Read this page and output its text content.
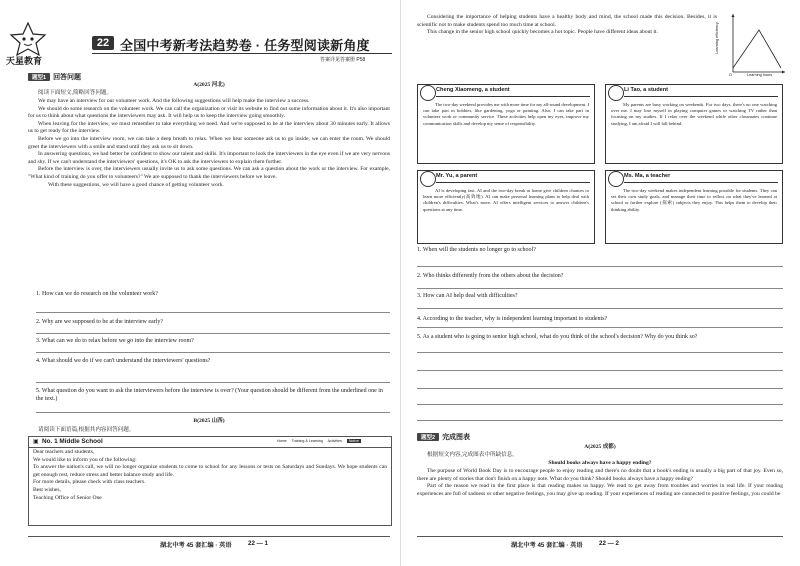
天星教育
22 全国中考新考法趋势卷 · 任务型阅读新角度
答案详见答案册 P58
题型1 回答问题
A(2025 河北)
阅读下面短文,简略回答问题。
We may have an interview for our volunteer work. And the following suggestions will help make the interview a success.
We should do some research on the volunteer work. We can call the organization or visit its website to find out some information about it. It's also important for us to think about what questions the interviewers may ask. It will help us to keep the interview going smoothly.
When leaving for the interview, we must remember to take everything we need. And we're supposed to be at the interview about 30 minutes early. It allows us to get ready for the interview.
Before we go into the interview room, we can take a deep breath to relax. When we hear someone ask us to go inside, we can enter the room. We should greet the interviewers with a smile and stand until they ask us to sit down.
In answering questions, we had better be confident to show our talent and skills. It's important to look the interviewers in the eye even if we are very nervous and shy. If we can't understand the interviewers' questions, it's OK to ask the interviewers to explain them further.
Before the interview is over, the interviewers usually invite us to ask some questions. We can ask a question about the work or the interview. For example, "What kind of training do you offer to volunteers?" We are supposed to thank the interviewers before we leave.
With these suggestions, we will have a good chance of getting volunteer work.
1. How can we do research on the volunteer work?
2. Why are we supposed to be at the interview early?
3. What can we do to relax before we go into the interview room?
4. What should we do if we can't understand the interviewers' questions?
5. What question do you want to ask the interviewers before the interview is over? (Your question should be different from the underlined one in the text.)
B(2025 山西)
请阅读下面语篇,根据其内容回答问题。
▣ No. 1 Middle School	Home Training & Learning Activities Notice
Dear teachers and students,
We would like to inform you of the following:
To answer the nation's call, we will no longer organize students to come to school for any lessons or tests on Saturdays and Sundays. We hope students can get enough rest, reduce stress and better balance study and life.
For more details, please check with class teachers.
Best wishes,
Teaching Office of Senior One
湖北中考 45 套汇编 · 英语	22 — 1
Considering the importance of helping students have a healthy body and mind, the school made this decision. Besides, it is scientific not to make students spend too much time at school.
This change in the senior high school quickly becomes a hot topic. People have different ideas about it.	Learning efficiency
O	Learning hours
Cheng Xiaomeng, a student
The two-day weekend provides me with more time for my all-round development. I can take part in hobbies, like gardening, yoga or painting. Also, I can take part in volunteer work or community service. These activities help open my eyes, improve my communication skills and develop my sense of responsibility.
Li Tao, a student
My parents are busy working on weekends. For two days, there's no one watching over me. I may lose myself in playing computer games or watching TV rather than focusing on my studies. If I relax over the weekend while other classmates continue studying, I am afraid I will fall behind.
Mr. Yu, a parent
AI is developing fast. AI and the two-day break at home give children chances to learn more efficiently(高效地). AI can make personal learning plans to help deal with children's difficulties. What's more, AI offers intelligent services to answer children's questions at any time.
Ms. Ma, a teacher
The two-day weekend makes independent learning possible for students. They can set their own study goals, and manage their time to reflect on what they've learned at school or further explore (探索) subjects they enjoy. This helps them to develop their thinking ability.
1. When will the students no longer go to school?
2. Who thinks differently from the others about the decision?
3. How can AI help deal with difficulties?
4. According to the teacher, why is independent learning important to students?
5. As a student who is going to senior high school, what do you think of the school's decision? Why do you think so?
题型2 完成图表
A(2025 成都)
根据短文内容,完成图表中所缺信息。
Should books always have a happy ending?
The purpose of World Book Day is to encourage people to enjoy reading and there's no doubt that a book's ending is usually a big part of that joy. Even so, there are plenty of stories that don't finish on a happy note. What do you think? Should books always have a happy ending?
Part of the reason we read in the first place is that reading makes us happy. We read to get away from troubles and worries in real life. If your reading experiences are full of sadness or other negative feelings, you may give up reading. If your experiences of reading are connected to positive feelings, you could be
湖北中考 45 套汇编 · 英语	22 — 2
